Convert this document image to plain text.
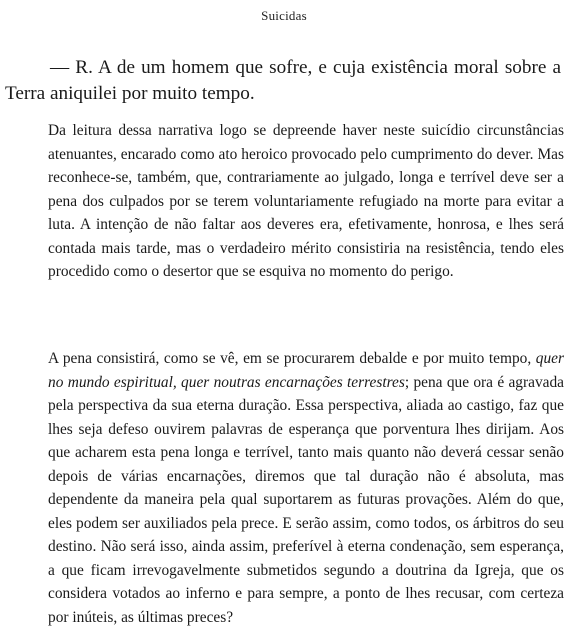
Suicidas

— R. A de um homem que sofre, e cuja existência moral sobre a Terra aniquilei por muito tempo.

Da leitura dessa narrativa logo se depreende haver neste suicídio circunstâncias atenuantes, encarado como ato heroico provocado pelo cumprimento do dever. Mas reconhece-se, também, que, contrariamente ao julgado, longa e terrível deve ser a pena dos culpados por se terem voluntariamente refugiado na morte para evitar a luta. A intenção de não faltar aos deveres era, efetivamente, honrosa, e lhes será contada mais tarde, mas o verdadeiro mérito consistiria na resistência, tendo eles procedido como o desertor que se esquiva no momento do perigo.

A pena consistirá, como se vê, em se procurarem debalde e por muito tempo, quer no mundo espiritual, quer noutras encarnações terrestres; pena que ora é agravada pela perspectiva da sua eterna duração. Essa perspectiva, aliada ao castigo, faz que lhes seja defeso ouvirem palavras de esperança que porventura lhes dirijam. Aos que acharem esta pena longa e terrível, tanto mais quanto não deverá cessar senão depois de várias encarnações, diremos que tal duração não é absoluta, mas dependente da maneira pela qual suportarem as futuras provações. Além do que, eles podem ser auxiliados pela prece. E serão assim, como todos, os árbitros do seu destino. Não será isso, ainda assim, preferível à eterna condenação, sem esperança, a que ficam irrevogavelmente submetidos segundo a doutrina da Igreja, que os considera votados ao inferno e para sempre, a ponto de lhes recusar, com certeza por inúteis, as últimas preces?
